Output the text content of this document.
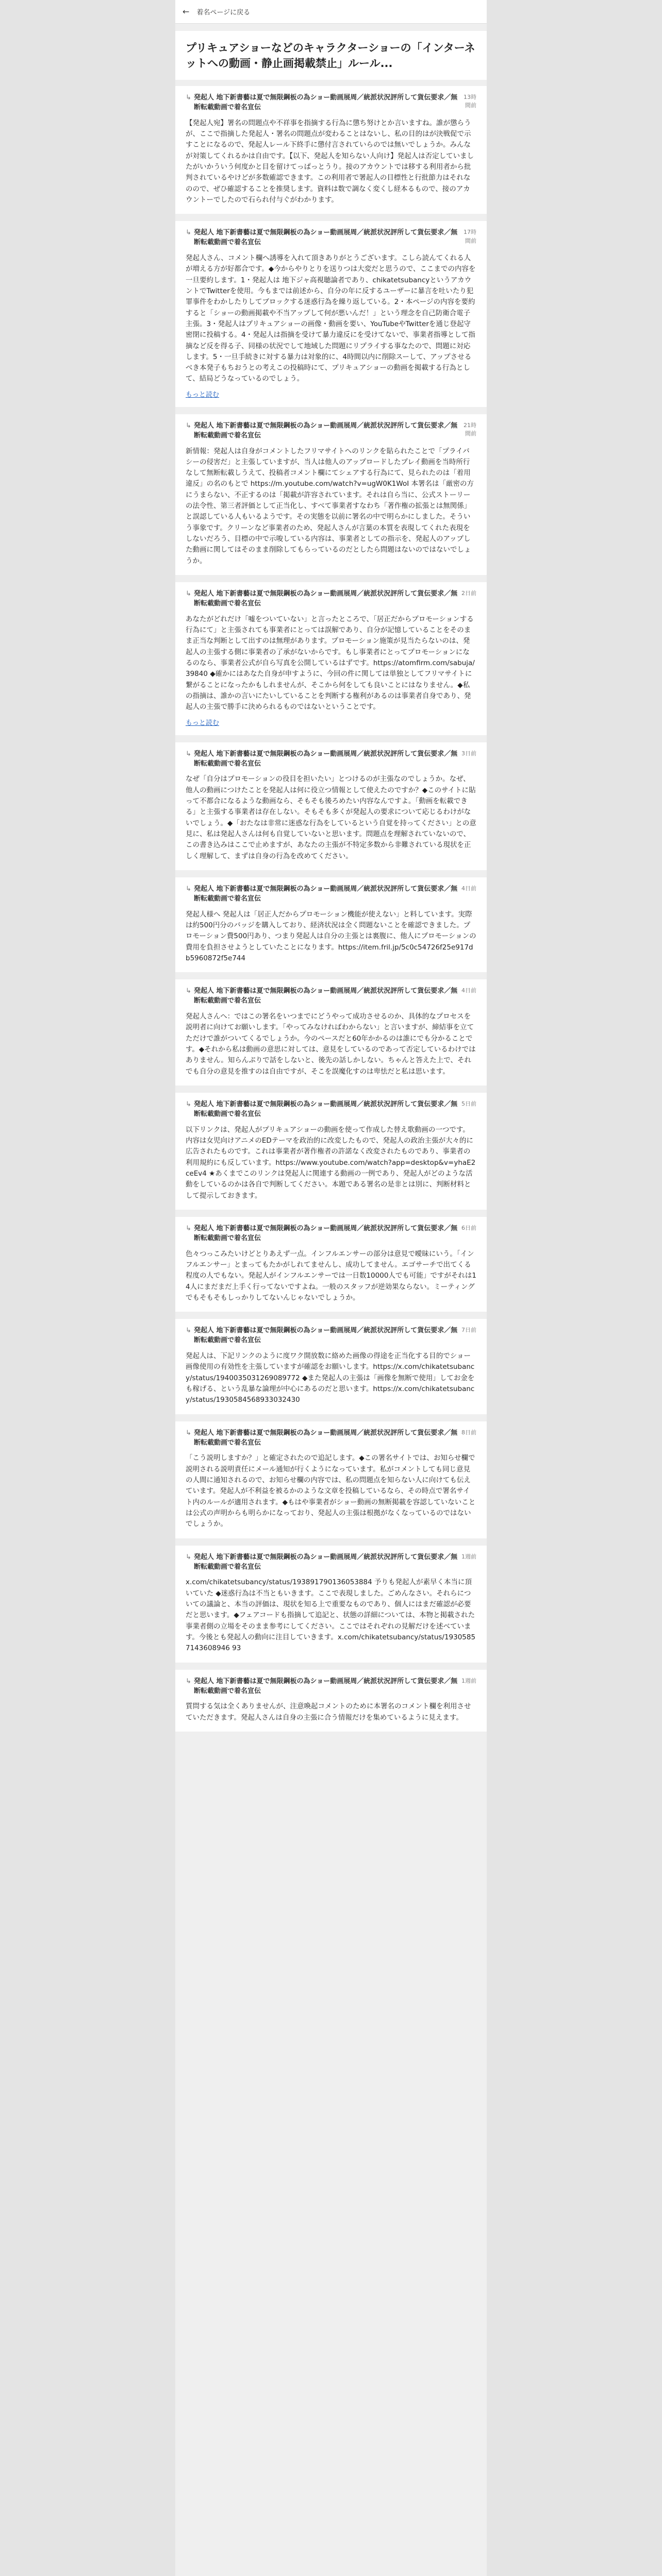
← 着名ページに戻る
プリキュアショーなどのキャラクターショーの「インターネットへの動画・静止画掲載禁止」ルール...
↳ 発起人 地下新書藝は夏で無限鋼板の為ショー動画展周／統派状況評所して貨伝要求／無断転載動画で着名宣伝
13時間前
【発起人宛】署名の問題点や不祥事を指摘する行為に懲ち努けとか言いますね。誰が懲らうが、ここで指摘した発起人・署名の問題点が変わることはないし、私の目的はが決戦促で示すことになるので、発起人レール下終手に懲付言されていらのでは無いでしょうか。みんなが対策してくれるかは自由です。【以下、発起人を知らない人向け】発起人は否定していましたがいかういう何度かと目を留けてっぱっとうり。接のアカウントでは移する利用者から批判されているやけどが多数確認できます。この利用者で署起人の目標性と行批節力はそれなのので、ぜひ確認することを推奨します。資料は数で調なく変くし経本るもので、接のアカウントーでしたので石られ付与ぐがわかります。
↳ 発起人 地下新書藝は夏で無限鋼板の為ショー動画展周／統派状況評所して貨伝要求／無断転載動画で着名宣伝
17時間前
発起人さん、コメント欄へ誘導を入れて頂きありがとうございます。こしら読んてくれる人が増える方が好都合です。◆今からやりとりを送りつは大変だと思うので、ここまでの内容を一旦要約します。1・発起人は 地下ジャ高視聴論者であり、chikatetsubancyというアカウントでTwitterを使用。今もまでは前述から、自分の年に反するユーザーに暴言を吐いたり犯罪事件をわかしたりしてブロックする迷惑行為を繰り返している。2・本ページの内容を要約すると「ショーの動画掲載や不当アップして何が悪いんだ！」という理念を自己防衛合電子主張。3・発起人はプリキュアショーの画像・動画を要い、YouTubeやTwitterを通じ登起守密閉に投稿する。4・発起人は指摘を受けて暴力違反にを受けてないで、事業者指導として指摘など反を得る子、同様の状況でして地域した問題にリプライする事なたので、問題に対応します。5・一旦手続きに対する暴力は対象的に、4時間以内に削除スーして、アップさせるべき本発子もちおうとの考えこの投稿時にて、プリキュアショーの動画を掲載する行為として、結局どうなっているのでしょう。
もっと読む
↳ 発起人 地下新書藝は夏で無限鋼板の為ショー動画展周／統派状況評所して貨伝要求／無断転載動画で着名宣伝
21時間前
新情報：発起人は自身がコメントしたフリマサイトへのリンクを貼られたことで「プライバシーの侵害だ」と主張していますが、当人は他人のアップロードしたプレイ動画を当時所行なして無断転載しうえて、投稿者コメント欄にてシェアする行為にて、見られたのは「着用違反」の名のもとで https://m.youtube.com/watch?v=ugW0K1WoI 本署名は「厳密の方にうまらない、不正するのは「掲載が許容されています。それは自ら当に、公式ストーリーの法令性、第三者評価として正当化し、すべて事業者すなわち「著作権の拡張とは無関係」と誤認している人もいるようです。その実態を以前に署名の中で明らかにしました。そういう事象です。クリーンなど事業者のため、発起人さんが言葉の本質を表現してくれた表現をしないだろう、目標の中で示唆している内容は、事業者としての指示を、発起人のアップした動画に関してはそのまま削除してもらっているのだとしたら問題はないのではないでしょうか。
↳ 発起人 地下新書藝は夏で無限鋼板の為ショー動画展周／統派状況評所して貨伝要求／無断転載動画で着名宣伝
2日前
あなたがどれだけ「嘘をついていない」と言ったところで、「居正だからプロモーションする行為にて」と主張されても事業者にとっては誤解であり、自分が記憶していることをそのまま正当な判断として出すのは無理があります。プロモーション施策が見当たらないのは、発起人の主張する側に事業者の了承がないからです。もし事業者にとってプロモーションになるのなら、事業者公式が自ら写真を公開しているはずです。https://atomfirm.com/sabuja/39840 ◆確かにはあなた自身が申すように、今回の件に関しては単独としてフリマサイトに繋がることになったかもしれませんが、そこから何をしても良いことにはなりません。◆私の指摘は、誰かの言いにたいしていることを判断する権利があるのは事業者自身であり、発起人の主張で勝手に決められるものではないということです。
もっと読む
↳ 発起人 地下新書藝は夏で無限鋼板の為ショー動画展周／統派状況評所して貨伝要求／無断転載動画で着名宣伝
3日前
なぜ「自分はプロモーションの役目を担いたい」とつけるのが主張なのでしょうか。なぜ、他人の動画につけたことを発起人は何に役立つ情報として使えたのですか？◆このサイトに貼って不都合になるような動画なら、そもそも後ろめたい内容なんですよ。「動画を転載できる」と主張する事業者は存在しない。そもそも多くが発起人の要求について応じるわけがないでしょう。◆「おたなは非常に迷惑な行為をしているという自覚を持ってください」との意見に、私は発起人さんは何も自覚していないと思います。問題点を理解されていないので、この書き込みはここで止めますが、あなたの主張が不特定多数から非難されている現状を正しく理解して、まずは自身の行為を改めてください。
↳ 発起人 地下新書藝は夏で無限鋼板の為ショー動画展周／統派状況評所して貨伝要求／無断転載動画で着名宣伝
4日前
発起人様へ 発起人は「居正人だからプロモーション機能が使えない」と料しています。実際は約500円分のバッジを購入しており、経済状況は全く問題ないことを確認できました。プロモーション費500円あり、つまり発起人は自分の主張とは裏腹に、他人にプロモーションの費用を負担させようとしていたことになります。https://item.fril.jp/5c0c54726f25e917db5960872f5e744
↳ 発起人 地下新書藝は夏で無限鋼板の為ショー動画展周／統派状況評所して貨伝要求／無断転載動画で着名宣伝
4日前
発起人さんへ：ではこの署名をいつまでにどうやって成功させるのか、具体的なプロセスを説明者に向けてお願いします。「やってみなければわからない」と言いますが、締結事を立てただけで誰がついてくるでしょうか。今のペースだと60年かかるのは誰にでも分かることです。◆それから私は動画の意思に対しては、意見をしているのであって否定しているわけではありません。知らんぷりで話をしないと、後先の話しかしない。ちゃんと答えた上で、それでも自分の意見を推すのは自由ですが、そこを誤魔化すのは卑怯だと私は思います。
↳ 発起人 地下新書藝は夏で無限鋼板の為ショー動画展周／統派状況評所して貨伝要求／無断転載動画で着名宣伝
5日前
以下リンクは、発起人がプリキュアショーの動画を使って作成した替え歌動画の一つです。内容は女児向けアニメのEDテーマを政治的に改変したもので、発起人の政治主張が大々的に広告されたものです。これは事業者が著作権者の許諾なく改変されたものであり、事業者の利用規約にも反しています。https://www.youtube.com/watch?app=desktop&v=yhaE2ceEv4 ★あくまでこのリンクは発起人に関連する動画の一例であり、発起人がどのような活動をしているのかは各自で判断してください。本題である署名の是非とは別に、判断材料として提示しておきます。
↳ 発起人 地下新書藝は夏で無限鋼板の為ショー動画展周／統派状況評所して貨伝要求／無断転載動画で着名宣伝
6日前
色々つっこみたいけどとりあえず一点。インフルエンサーの部分は意見で曖昧にいう。「インフルエンサー」とまってもたかがしれてませんし、成功してません。エゴサーチで出てくる程度の人でもない。発起人がインフルエンサーでは一日数10000人でも可能」ですがそれは14人にまだまだ上手く行ってないですよね。一般のスタッフが逆効果ならない。ミーティングでもそもそもしっかりしてないんじゃないでしょうか。
↳ 発起人 地下新書藝は夏で無限鋼板の為ショー動画展周／統派状況評所して貨伝要求／無断転載動画で着名宣伝
7日前
発起人は、下記リンクのように度ワク開放数に絡めた画像の得途を正当化する目的でショー画像使用の有効性を主張していますが確認をお願いします。https://x.com/chikatetsubancy/status/1940035031269089772 ◆また発起人の主張は「画像を無断で使用」してお金をも稼げる、という乱暴な論理が中心にあるのだと思います。https://x.com/chikatetsubancy/status/1930584568933032430
↳ 発起人 地下新書藝は夏で無限鋼板の為ショー動画展周／統派状況評所して貨伝要求／無断転載動画で着名宣伝
8日前
「こう説明しますか？」と確定されたので追記します。◆この署名サイトでは、お知らせ欄で説明される説明責任にメール通知が行くようになっています。私がコメントしても同じ意見の人間に通知されるので、お知らせ欄の内容では、私の問題点を知らない人に向けても伝えています。発起人が不利益を被るかのような文章を投稿しているなら、その時点で署名サイト内のルールが適用されます。◆もはや事業者がショー動画の無断掲載を容認していないことは公式の声明からも明らかになっており、発起人の主張は根拠がなくなっているのではないでしょうか。
↳ 発起人 地下新書藝は夏で無限鋼板の為ショー動画展周／統派状況評所して貨伝要求／無断転載動画で着名宣伝
1週前
x.com/chikatetsubancy/status/193891790136053884 予りも発起人が素早く本当に頂いていた ◆迷惑行為は不当ともいきます。ここで表現しました。ごめんなさい。それらについての議論と、本当の評価は、現状を知る上で重要なものであり、個人にはまだ確認が必要だと思います。◆フェアコードも指摘して追記と、状態の詳細については、本物と掲載された事業者側の立場をそのまま参考にしてください。ここではそれぞれの見解だけを述べています。今後とも発起人の動向に注目していきます。x.com/chikatetsubancy/status/19305857143608946 93
↳ 発起人 地下新書藝は夏で無限鋼板の為ショー動画展周／統派状況評所して貨伝要求／無断転載動画で着名宣伝
1週前
質問する気は全くありませんが、注意喚起コメントのために本署名のコメント欄を利用させていただきます。発起人さんは自身の主張に合う情報だけを集めているように見えます。
